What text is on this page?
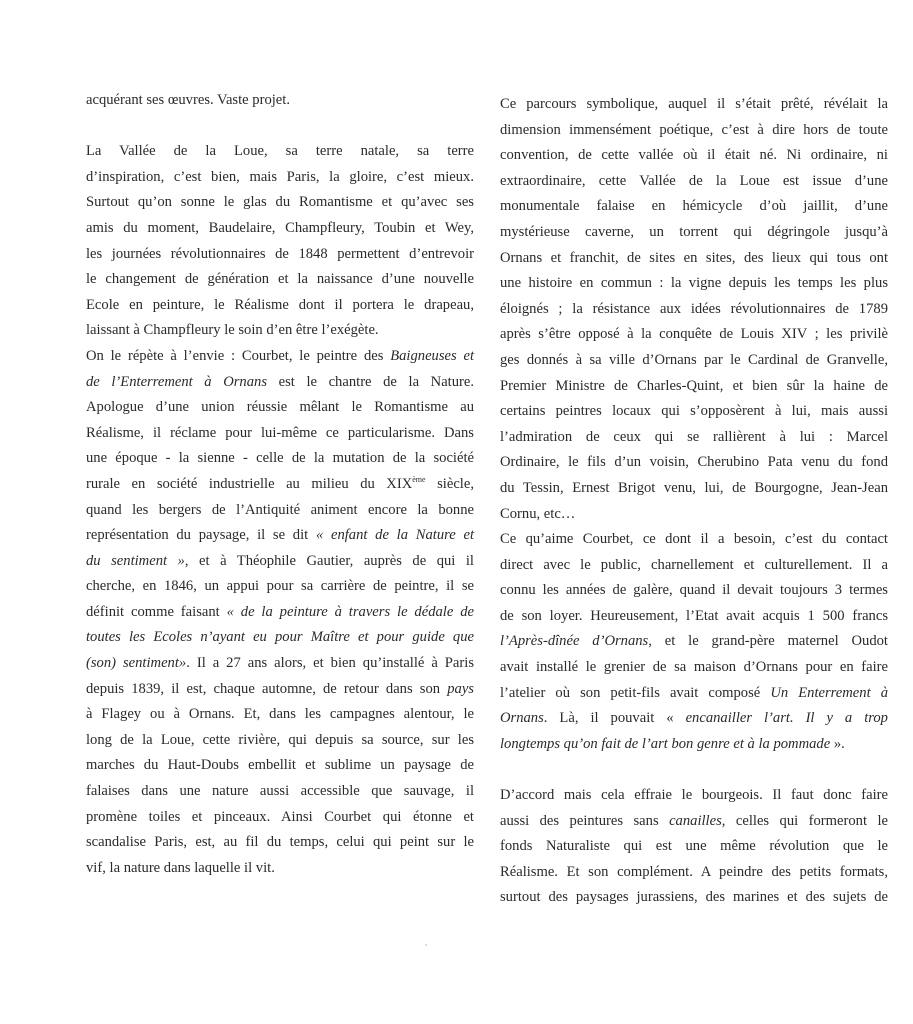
acquérant ses œuvres. Vaste projet.
La Vallée de la Loue, sa terre natale, sa terre
d’inspiration, c’est bien, mais Paris, la gloire, c’est mieux.
Surtout qu’on sonne le glas du Romantisme et qu’avec ses
amis du moment, Baudelaire, Champfleury, Toubin et Wey,
les journées révolutionnaires de 1848 permettent d’entrevoir
le changement de génération et la naissance d’une nouvelle
Ecole en peinture, le Réalisme dont il portera le drapeau,
laissant à Champfleury le soin d’en être l’exégète.
On le répète à l’envie : Courbet, le peintre des Baigneuses et
de l’Enterrement à Ornans est le chantre de la Nature.
Apologue d’une union réussie mêlant le Romantisme au
Réalisme, il réclame pour lui-même ce particularisme. Dans
une époque - la sienne - celle de la mutation de la société
rurale en société industrielle au milieu du XIXème siècle,
quand les bergers de l’Antiquité animent encore la bonne
représentation du paysage, il se dit « enfant de la Nature et
du sentiment », et à Théophile Gautier, auprès de qui il
cherche, en 1846, un appui pour sa carrière de peintre, il se
définit comme faisant « de la peinture à travers le dédale de
toutes les Ecoles n’ayant eu pour Maître et pour guide que
(son) sentiment». Il a 27 ans alors, et bien qu’installé à Paris
depuis 1839, il est, chaque automne, de retour dans son pays
à Flagey ou à Ornans. Et, dans les campagnes alentour, le
long de la Loue, cette rivière, qui depuis sa source, sur les
marches du Haut-Doubs embellit et sublime un paysage de
falaises dans une nature aussi accessible que sauvage, il
promène toiles et pinceaux. Ainsi Courbet qui étonne et
scandalise Paris, est, au fil du temps, celui qui peint sur le
vif, la nature dans laquelle il vit.
Ce parcours symbolique, auquel il s’était prêté, révélait la
dimension immensément poétique, c’est à dire hors de toute
convention, de cette vallée où il était né. Ni ordinaire, ni
extraordinaire, cette Vallée de la Loue est issue d’une
monumentale falaise en hémicycle d’où jaillit, d’une
mystérieuse caverne, un torrent qui dégringole jusqu’à
Ornans et franchit, de sites en sites, des lieux qui tous ont
une histoire en commun : la vigne depuis les temps les plus
éloignés ; la résistance aux idées révolutionnaires de 1789
après s’être opposé à la conquête de Louis XIV ; les privilè
ges donnés à sa ville d’Ornans par le Cardinal de Granvelle,
Premier Ministre de Charles-Quint, et bien sûr la haine de
certains peintres locaux qui s’opposèrent à lui, mais aussi
l’admiration de ceux qui se rallièrent à lui : Marcel
Ordinaire, le fils d’un voisin, Cherubino Pata venu du fond
du Tessin, Ernest Brigot venu, lui, de Bourgogne, Jean-Jean
Cornu, etc…
Ce qu’aime Courbet, ce dont il a besoin, c’est du contact
direct avec le public, charnellement et culturellement. Il a
connu les années de galère, quand il devait toujours 3 termes
de son loyer. Heureusement, l’Etat avait acquis 1 500 francs
l’Après-dînée d’Ornans, et le grand-père maternel Oudot
avait installé le grenier de sa maison d’Ornans pour en faire
l’atelier où son petit-fils avait composé Un Enterrement à
Ornans. Là, il pouvait « encanailler l’art. Il y a trop
longtemps qu’on fait de l’art bon genre et à la pommade ».
D’accord mais cela effraie le bourgeois. Il faut donc faire
aussi des peintures sans canailles, celles qui formeront le
fonds Naturaliste qui est une même révolution que le
Réalisme. Et son complément. A peindre des petits formats,
surtout des paysages jurassiens, des marines et des sujets de
